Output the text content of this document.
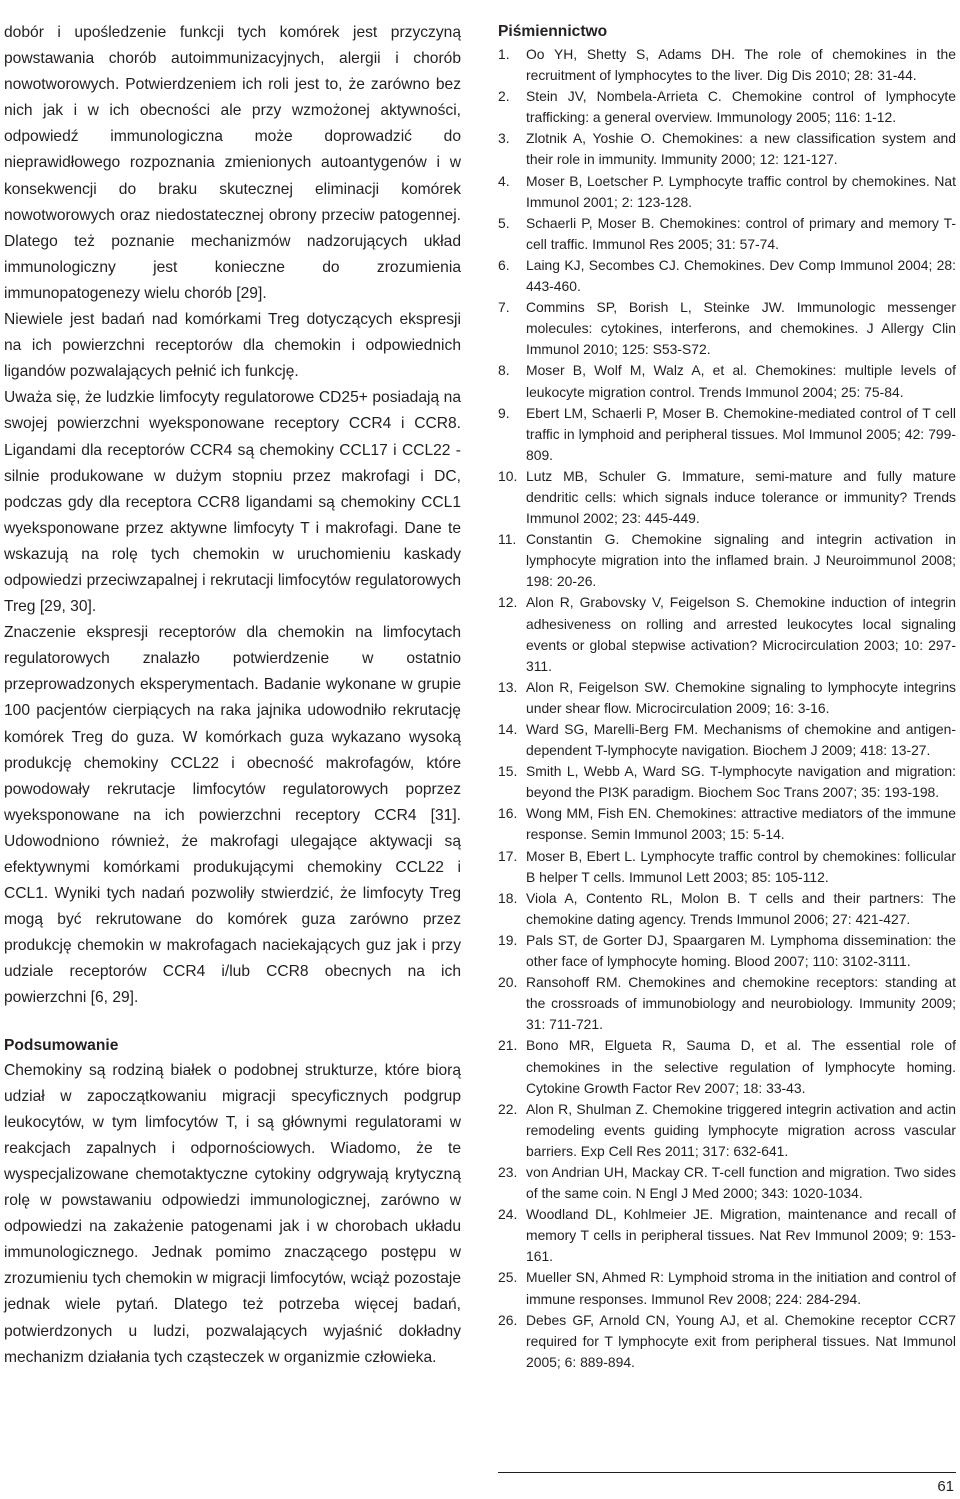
dobór i upośledzenie funkcji tych komórek jest przyczyną powstawania chorób autoimmunizacyjnych, alergii i chorób nowotworowych. Potwierdzeniem ich roli jest to, że zarówno bez nich jak i w ich obecności ale przy wzmożonej aktywności, odpowiedź immunologiczna może doprowadzić do nieprawidłowego rozpoznania zmienionych autoantygenów i w konsekwencji do braku skutecznej eliminacji komórek nowotworowych oraz niedostatecznej obrony przeciw patogennej. Dlatego też poznanie mechanizmów nadzorujących układ immunologiczny jest konieczne do zrozumienia immunopatogenezy wielu chorób [29].

Niewiele jest badań nad komórkami Treg dotyczących ekspresji na ich powierzchni receptorów dla chemokin i odpowiednich ligandów pozwalających pełnić ich funkcję.

Uważa się, że ludzkie limfocyty regulatorowe CD25+ posiadają na swojej powierzchni wyeksponowane receptory CCR4 i CCR8. Ligandami dla receptorów CCR4 są chemokiny CCL17 i CCL22 - silnie produkowane w dużym stopniu przez makrofagi i DC, podczas gdy dla receptora CCR8 ligandami są chemokiny CCL1 wyeksponowane przez aktywne limfocyty T i makrofagi. Dane te wskazują na rolę tych chemokin w uruchomieniu kaskady odpowiedzi przeciwzapalnej i rekrutacji limfocytów regulatorowych Treg [29, 30].

Znaczenie ekspresji receptorów dla chemokin na limfocytach regulatorowych znalazło potwierdzenie w ostatnio przeprowadzonych eksperymentach. Badanie wykonane w grupie 100 pacjentów cierpiących na raka jajnika udowodniło rekrutację komórek Treg do guza. W komórkach guza wykazano wysoką produkcję chemokiny CCL22 i obecność makrofagów, które powodowały rekrutacje limfocytów regulatorowych poprzez wyeksponowane na ich powierzchni receptory CCR4 [31]. Udowodniono również, że makrofagi ulegające aktywacji są efektywnymi komórkami produkującymi chemokiny CCL22 i CCL1. Wyniki tych nadań pozwoliły stwierdzić, że limfocyty Treg mogą być rekrutowane do komórek guza zarówno przez produkcję chemokin w makrofagach naciekających guz jak i przy udziale receptorów CCR4 i/lub CCR8 obecnych na ich powierzchni [6, 29].

Podsumowanie

Chemokiny są rodziną białek o podobnej strukturze, które biorą udział w zapoczątkowaniu migracji specyficznych podgrup leukocytów, w tym limfocytów T, i są głównymi regulatorami w reakcjach zapalnych i odpornościowych. Wiadomo, że te wyspecjalizowane chemotaktyczne cytokiny odgrywają krytyczną rolę w powstawaniu odpowiedzi immunologicznej, zarówno w odpowiedzi na zakażenie patogenami jak i w chorobach układu immunologicznego. Jednak pomimo znaczącego postępu w zrozumieniu tych chemokin w migracji limfocytów, wciąż pozostaje jednak wiele pytań. Dlatego też potrzeba więcej badań, potwierdzonych u ludzi, pozwalających wyjaśnić dokładny mechanizm działania tych cząsteczek w organizmie człowieka.

Piśmiennictwo

1.	Oo YH, Shetty S, Adams DH. The role of chemokines in the recruitment of lymphocytes to the liver. Dig Dis 2010; 28: 31-44.
2.	Stein JV, Nombela-Arrieta C. Chemokine control of lymphocyte trafficking: a general overview. Immunology 2005; 116: 1-12.
3.	Zlotnik A, Yoshie O. Chemokines: a new classification system and their role in immunity. Immunity 2000; 12: 121-127.
4.	Moser B, Loetscher P. Lymphocyte traffic control by chemokines. Nat Immunol 2001; 2: 123-128.
5.	Schaerli P, Moser B. Chemokines: control of primary and memory T-cell traffic. Immunol Res 2005; 31: 57-74.
6.	Laing KJ, Secombes CJ. Chemokines. Dev Comp Immunol 2004; 28: 443-460.
7.	Commins SP, Borish L, Steinke JW. Immunologic messenger molecules: cytokines, interferons, and chemokines. J Allergy Clin Immunol 2010; 125: S53-S72.
8.	Moser B, Wolf M, Walz A, et al. Chemokines: multiple levels of leukocyte migration control. Trends Immunol 2004; 25: 75-84.
9.	Ebert LM, Schaerli P, Moser B. Chemokine-mediated control of T cell traffic in lymphoid and peripheral tissues. Mol Immunol 2005; 42: 799-809.
10. Lutz MB, Schuler G. Immature, semi-mature and fully mature dendritic cells: which signals induce tolerance or immunity? Trends Immunol 2002; 23: 445-449.
11. Constantin G. Chemokine signaling and integrin activation in lymphocyte migration into the inflamed brain. J Neuroimmunol 2008; 198: 20-26.
12. Alon R, Grabovsky V, Feigelson S. Chemokine induction of integrin adhesiveness on rolling and arrested leukocytes local signaling events or global stepwise activation? Microcirculation 2003; 10: 297-311.
13. Alon R, Feigelson SW. Chemokine signaling to lymphocyte integrins under shear flow. Microcirculation 2009; 16: 3-16.
14. Ward SG, Marelli-Berg FM. Mechanisms of chemokine and antigen-dependent T-lymphocyte navigation. Biochem J 2009; 418: 13-27.
15. Smith L, Webb A, Ward SG. T-lymphocyte navigation and migration: beyond the PI3K paradigm. Biochem Soc Trans 2007; 35: 193-198.
16. Wong MM, Fish EN. Chemokines: attractive mediators of the immune response. Semin Immunol 2003; 15: 5-14.
17. Moser B, Ebert L. Lymphocyte traffic control by chemokines: follicular B helper T cells. Immunol Lett 2003; 85: 105-112.
18. Viola A, Contento RL, Molon B. T cells and their partners: The chemokine dating agency. Trends Immunol 2006; 27: 421-427.
19. Pals ST, de Gorter DJ, Spaargaren M. Lymphoma dissemination: the other face of lymphocyte homing. Blood 2007; 110: 3102-3111.
20. Ransohoff RM. Chemokines and chemokine receptors: standing at the crossroads of immunobiology and neurobiology. Immunity 2009; 31: 711-721.
21. Bono MR, Elgueta R, Sauma D, et al. The essential role of chemokines in the selective regulation of lymphocyte homing. Cytokine Growth Factor Rev 2007; 18: 33-43.
22. Alon R, Shulman Z. Chemokine triggered integrin activation and actin remodeling events guiding lymphocyte migration across vascular barriers. Exp Cell Res 2011; 317: 632-641.
23. von Andrian UH, Mackay CR. T-cell function and migration. Two sides of the same coin. N Engl J Med 2000; 343: 1020-1034.
24. Woodland DL, Kohlmeier JE. Migration, maintenance and recall of memory T cells in peripheral tissues. Nat Rev Immunol 2009; 9: 153-161.
25. Mueller SN, Ahmed R: Lymphoid stroma in the initiation and control of immune responses. Immunol Rev 2008; 224: 284-294.
26. Debes GF, Arnold CN, Young AJ, et al. Chemokine receptor CCR7 required for T lymphocyte exit from peripheral tissues. Nat Immunol 2005; 6: 889-894.
61
